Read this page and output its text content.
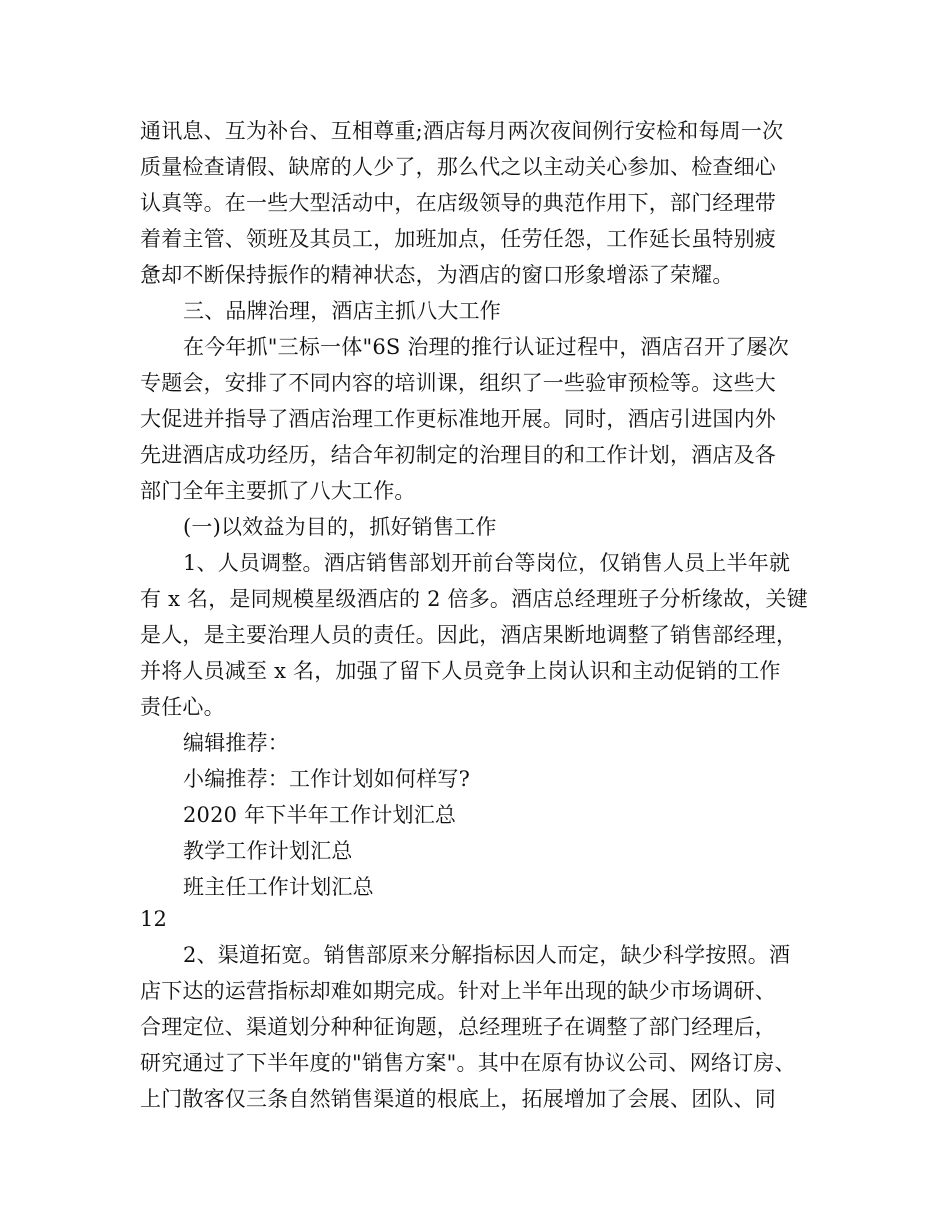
通讯息、互为补台、互相尊重;酒店每月两次夜间例行安检和每周一次
质量检查请假、缺席的人少了，那么代之以主动关心参加、检查细心
认真等。在一些大型活动中，在店级领导的典范作用下，部门经理带
着着主管、领班及其员工，加班加点，任劳任怨，工作延长虽特别疲
惫却不断保持振作的精神状态，为酒店的窗口形象增添了荣耀。
三、品牌治理，酒店主抓八大工作
在今年抓"三标一体"6S 治理的推行认证过程中，酒店召开了屡次
专题会，安排了不同内容的培训课，组织了一些验审预检等。这些大
大促进并指导了酒店治理工作更标准地开展。同时，酒店引进国内外
先进酒店成功经历，结合年初制定的治理目的和工作计划，酒店及各
部门全年主要抓了八大工作。
(一)以效益为目的，抓好销售工作
1、人员调整。酒店销售部划开前台等岗位，仅销售人员上半年就
有 x 名，是同规模星级酒店的 2 倍多。酒店总经理班子分析缘故，关键
是人，是主要治理人员的责任。因此，酒店果断地调整了销售部经理，
并将人员减至 x 名，加强了留下人员竞争上岗认识和主动促销的工作
责任心。
编辑推荐：
小编推荐：工作计划如何样写?
2020 年下半年工作计划汇总
教学工作计划汇总
班主任工作计划汇总
12
2、渠道拓宽。销售部原来分解指标因人而定，缺少科学按照。酒
店下达的运营指标却难如期完成。针对上半年出现的缺少市场调研、
合理定位、渠道划分种种征询题，总经理班子在调整了部门经理后，
研究通过了下半年度的"销售方案"。其中在原有协议公司、网络订房、
上门散客仅三条自然销售渠道的根底上，拓展增加了会展、团队、同
